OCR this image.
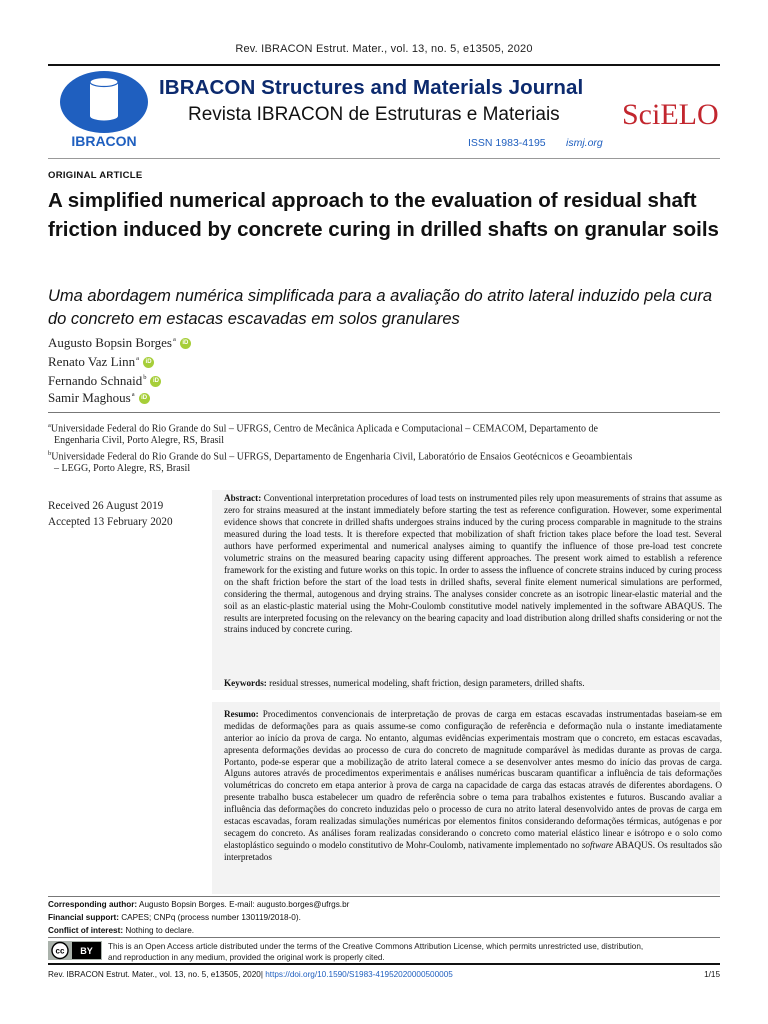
Rev. IBRACON Estrut. Mater., vol. 13, no. 5, e13505, 2020
IBRACON
IBRACON Structures and Materials Journal
Revista IBRACON de Estruturas e Materiais SciELO
ISSN 1983-4195 ismj.org
ORIGINAL ARTICLE
A simplified numerical approach to the evaluation of residual shaft friction induced by concrete curing in drilled shafts on granular soils
Uma abordagem numérica simplificada para a avaliação do atrito lateral induzido pela cura do concreto em estacas escavadas em solos granulares
Augusto Bopsin Borges$^a$	iD
Renato Vaz Linn$^a$	iD
Fernando Schnaid$^b$	iD
Samir Maghous$^a$	iD
$^a$Universidade Federal do Rio Grande do Sul – UFRGS, Centro de Mecânica Aplicada e Computacional – CEMACOM, Departamento de
Engenharia Civil, Porto Alegre, RS, Brasil
$^b$Universidade Federal do Rio Grande do Sul – UFRGS, Departamento de Engenharia Civil, Laboratório de Ensaios Geotécnicos e Geoambientais
– LEGG, Porto Alegre, RS, Brasil
Received 26 August 2019
Accepted 13 February 2020
Abstract: Conventional interpretation procedures of load tests on instrumented piles rely upon measurements of strains that assume as zero for strains measured at the instant immediately before starting the test as reference configuration. However, some experimental evidence shows that concrete in drilled shafts undergoes strains induced by the curing process comparable in magnitude to the strains measured during the load tests. It is therefore expected that mobilization of shaft friction takes place before the load test. Several authors have performed experimental and numerical analyses aiming to quantify the influence of those pre-load test concrete volumetric strains on the measured bearing capacity using different approaches. The present work aimed to establish a reference framework for the existing and future works on this topic. In order to assess the influence of concrete strains induced by curing process on the shaft friction before the start of the load tests in drilled shafts, several finite element numerical simulations are performed, considering the thermal, autogenous and drying strains. The analyses consider concrete as an isotropic linear-elastic material and the soil as an elastic-plastic material using the Mohr-Coulomb constitutive model natively implemented in the software ABAQUS. The results are interpreted focusing on the relevancy on the bearing capacity and load distribution along drilled shafts considering or not the strains induced by concrete curing.
Keywords: residual stresses, numerical modeling, shaft friction, design parameters, drilled shafts.
Resumo: Procedimentos convencionais de interpretação de provas de carga em estacas escavadas instrumentadas baseiam-se em medidas de deformações para as quais assume-se como configuração de referência e deformação nula o instante imediatamente anterior ao início da prova de carga. No entanto, algumas evidências experimentais mostram que o concreto, em estacas escavadas, apresenta deformações devidas ao processo de cura do concreto de magnitude comparável às medidas durante as provas de carga. Portanto, pode-se esperar que a mobilização de atrito lateral comece a se desenvolver antes mesmo do início das provas de carga. Alguns autores através de procedimentos experimentais e análises numéricas buscaram quantificar a influência de tais deformações volumétricas do concreto em etapa anterior à prova de carga na capacidade de carga das estacas através de diferentes abordagens. O presente trabalho busca estabelecer um quadro de referência sobre o tema para trabalhos existentes e futuros. Buscando avaliar a influência das deformações do concreto induzidas pelo o processo de cura no atrito lateral desenvolvido antes de provas de carga em estacas escavadas, foram realizadas simulações numéricas por elementos finitos considerando deformações térmicas, autógenas e por secagem do concreto. As análises foram realizadas considerando o concreto como material elástico linear e isótropo e o solo como elastoplástico seguindo o modelo constitutivo de Mohr-Coulomb, nativamente implementado no software ABAQUS. Os resultados são interpretados
Corresponding author: Augusto Bopsin Borges. E-mail: augusto.borges@ufrgs.br
Financial support: CAPES; CNPq (process number 130119/2018-0).
Conflict of interest: Nothing to declare.
cc BY This is an Open Access article distributed under the terms of the Creative Commons Attribution License, which permits unrestricted use, distribution,
and reproduction in any medium, provided the original work is properly cited.
Rev. IBRACON Estrut. Mater., vol. 13, no. 5, e13505, 2020| https://doi.org/10.1590/S1983-41952020000500005	1/15
